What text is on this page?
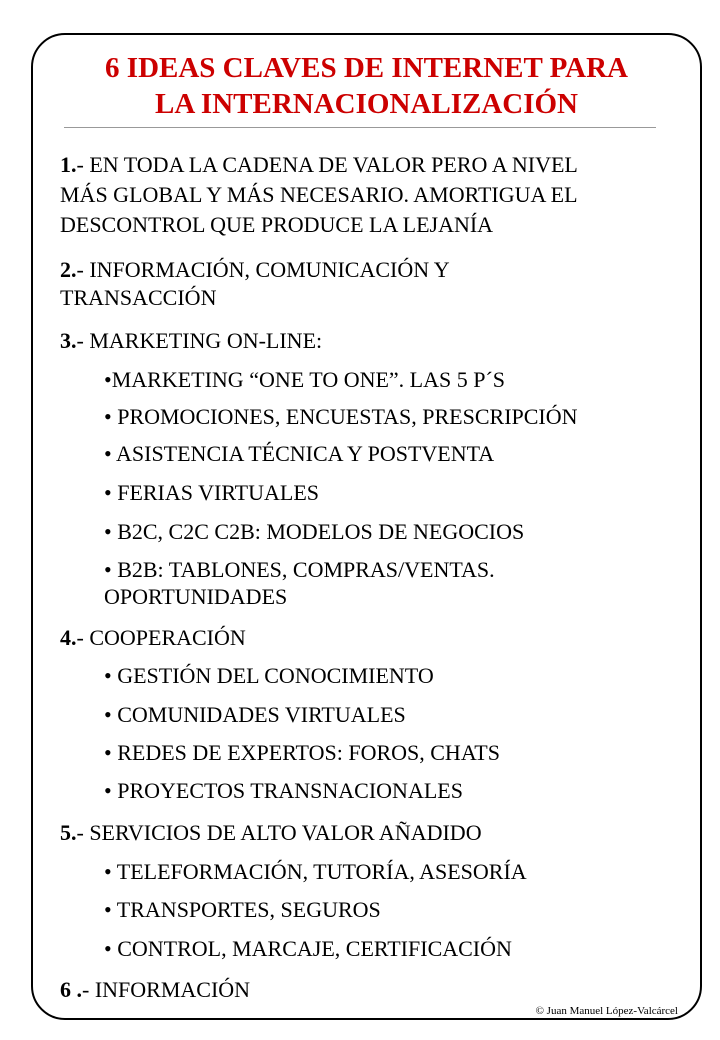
6 IDEAS CLAVES DE INTERNET PARA
LA INTERNACIONALIZACIÓN

1.- EN TODA LA CADENA DE VALOR PERO A NIVEL

MÁS GLOBAL Y MÁS NECESARIO. AMORTIGUA EL

DESCONTROL QUE PRODUCE LA LEJANÍA

2.- INFORMACIÓN, COMUNICACIÓN Y

TRANSACCIÓN

3.- MARKETING ON-LINE:

•MARKETING “ONE TO ONE”. LAS 5 P´S

• PROMOCIONES, ENCUESTAS, PRESCRIPCIÓN

• ASISTENCIA TÉCNICA Y POSTVENTA

• FERIAS VIRTUALES

• B2C, C2C C2B: MODELOS DE NEGOCIOS

• B2B: TABLONES, COMPRAS/VENTAS.

OPORTUNIDADES

4.- COOPERACIÓN

• GESTIÓN DEL CONOCIMIENTO

• COMUNIDADES VIRTUALES

• REDES DE EXPERTOS: FOROS, CHATS

• PROYECTOS TRANSNACIONALES

5.- SERVICIOS DE ALTO VALOR AÑADIDO

• TELEFORMACIÓN, TUTORÍA, ASESORÍA

• TRANSPORTES, SEGUROS

• CONTROL, MARCAJE, CERTIFICACIÓN

6 .- INFORMACIÓN

© Juan Manuel López-Valcárcel
